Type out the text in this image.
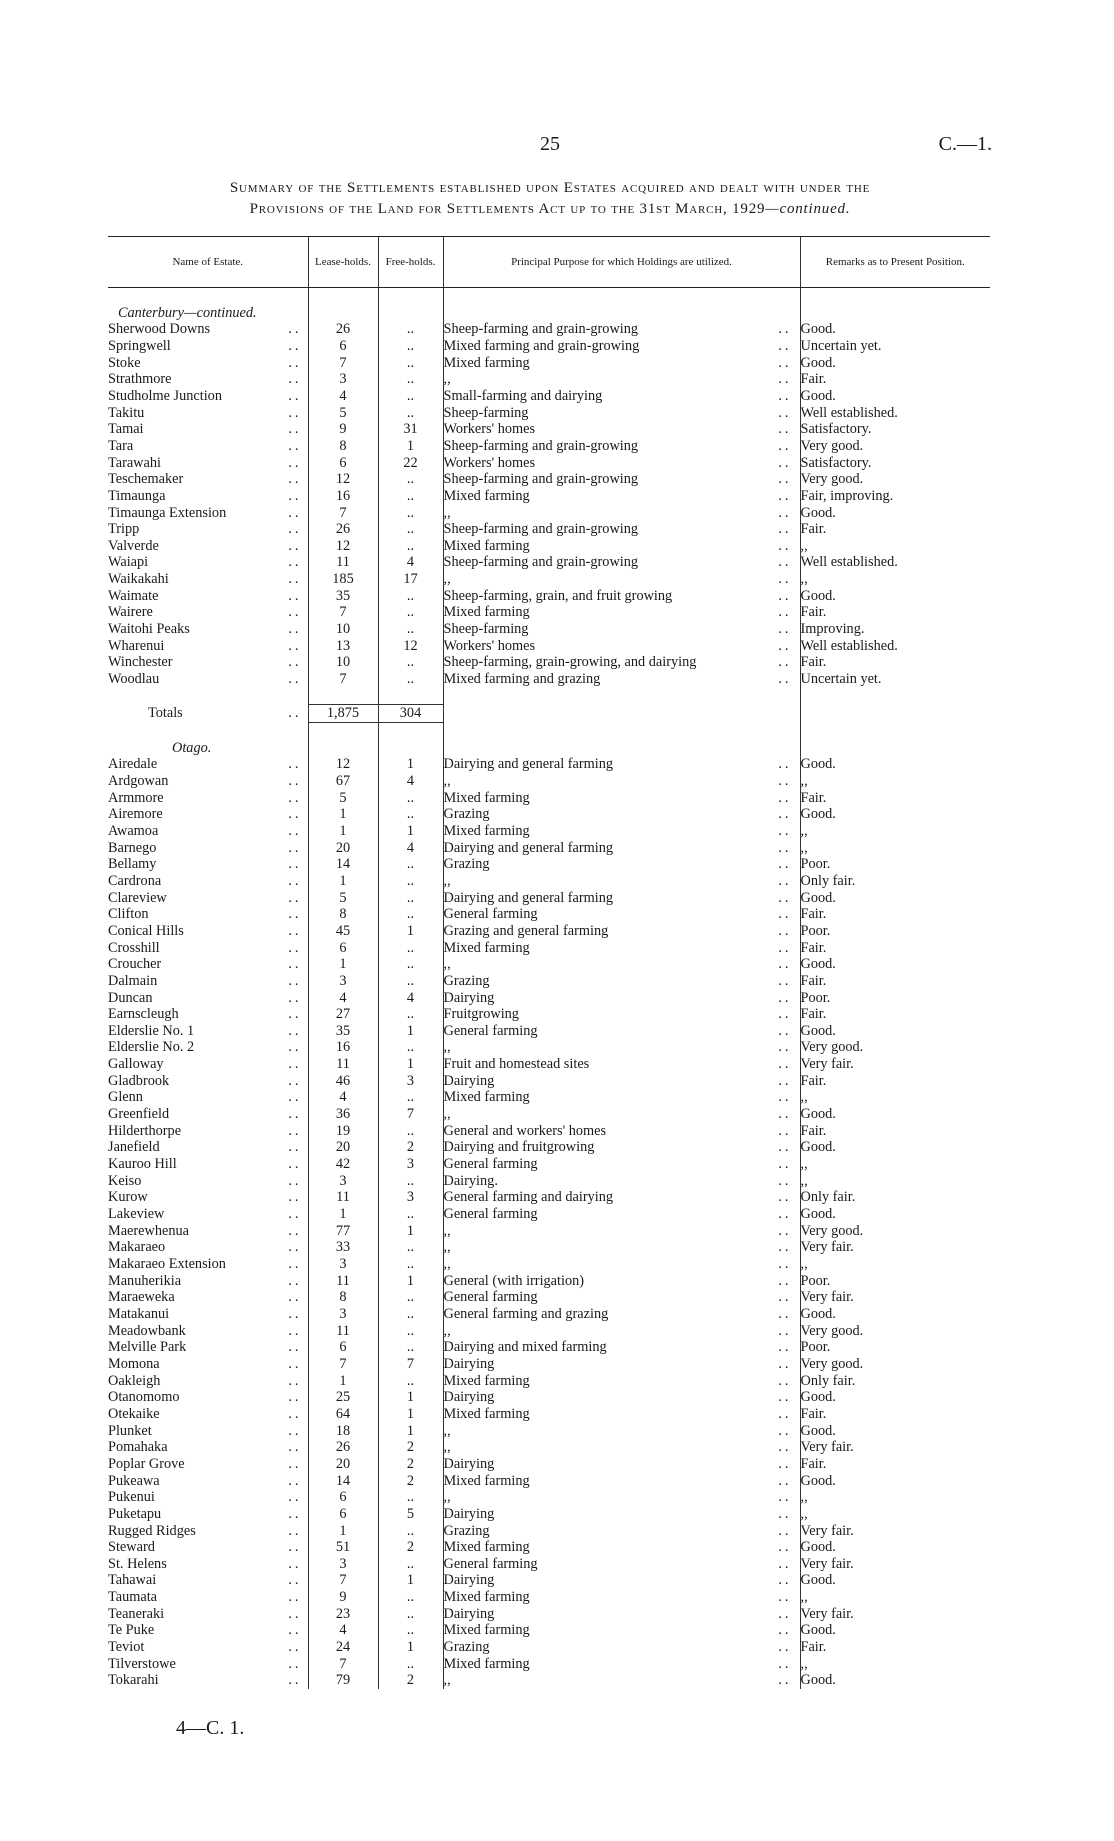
25	C.—1.
Summary of the Settlements established upon Estates acquired and dealt with under the
Provisions of the Land for Settlements Act up to the 31st March, 1929—continued.
Name of Estate.	Lease-holds.	Free-holds.	Principal Purpose for which Holdings are utilized.	Remarks as to Present Position.

Canterbury—continued.				

Sherwood Downs ..	26	..	Sheep-farming and grain-growing ..	Good.

Springwell ..	6	..	Mixed farming and grain-growing ..	Uncertain yet.

Stoke ..	7	..	Mixed farming ..	Good.

Strathmore ..	3	..	,, ..	Fair.

Studholme Junction ..	4	..	Small-farming and dairying ..	Good.

Takitu ..	5	..	Sheep-farming ..	Well established.

Tamai ..	9	31	Workers' homes ..	Satisfactory.

Tara ..	8	1	Sheep-farming and grain-growing ..	Very good.

Tarawahi ..	6	22	Workers' homes ..	Satisfactory.

Teschemaker ..	12	..	Sheep-farming and grain-growing ..	Very good.

Timaunga ..	16	..	Mixed farming ..	Fair, improving.

Timaunga Extension ..	7	..	,, ..	Good.

Tripp ..	26	..	Sheep-farming and grain-growing ..	Fair.

Valverde ..	12	..	Mixed farming ..	,,

Waiapi ..	11	4	Sheep-farming and grain-growing ..	Well established.

Waikakahi ..	185	17	,, ..	,,

Waimate ..	35	..	Sheep-farming, grain, and fruit growing ..	Good.

Wairere ..	7	..	Mixed farming ..	Fair.

Waitohi Peaks ..	10	..	Sheep-farming ..	Improving.

Wharenui ..	13	12	Workers' homes ..	Well established.

Winchester ..	10	..	Sheep-farming, grain-growing, and dairying ..	Fair.

Woodlau ..	7	..	Mixed farming and grazing ..	Uncertain yet.

Totals ..	1,875	304		

Otago.				

Airedale ..	12	1	Dairying and general farming ..	Good.

Ardgowan ..	67	4	,, ..	,,

Armmore ..	5	..	Mixed farming ..	Fair.

Airemore ..	1	..	Grazing ..	Good.

Awamoa ..	1	1	Mixed farming ..	,,

Barnego ..	20	4	Dairying and general farming ..	,,

Bellamy ..	14	..	Grazing ..	Poor.

Cardrona ..	1	..	,, ..	Only fair.

Clareview ..	5	..	Dairying and general farming ..	Good.

Clifton ..	8	..	General farming ..	Fair.

Conical Hills ..	45	1	Grazing and general farming ..	Poor.

Crosshill ..	6	..	Mixed farming ..	Fair.

Croucher ..	1	..	,, ..	Good.

Dalmain ..	3	..	Grazing ..	Fair.

Duncan ..	4	4	Dairying ..	Poor.

Earnscleugh ..	27	..	Fruitgrowing ..	Fair.

Elderslie No. 1 ..	35	1	General farming ..	Good.

Elderslie No. 2 ..	16	..	,, ..	Very good.

Galloway ..	11	1	Fruit and homestead sites ..	Very fair.

Gladbrook ..	46	3	Dairying ..	Fair.

Glenn ..	4	..	Mixed farming ..	,,

Greenfield ..	36	7	,, ..	Good.

Hilderthorpe ..	19	..	General and workers' homes ..	Fair.

Janefield ..	20	2	Dairying and fruitgrowing ..	Good.

Kauroo Hill ..	42	3	General farming ..	,,

Keiso ..	3	..	Dairying. ..	,,

Kurow ..	11	3	General farming and dairying ..	Only fair.

Lakeview ..	1	..	General farming ..	Good.

Maerewhenua ..	77	1	,, ..	Very good.

Makaraeo ..	33	..	,, ..	Very fair.

Makaraeo Extension ..	3	..	,, ..	,,

Manuherikia ..	11	1	General (with irrigation) ..	Poor.

Maraeweka ..	8	..	General farming ..	Very fair.

Matakanui ..	3	..	General farming and grazing ..	Good.

Meadowbank ..	11	..	,, ..	Very good.

Melville Park ..	6	..	Dairying and mixed farming ..	Poor.

Momona ..	7	7	Dairying ..	Very good.

Oakleigh ..	1	..	Mixed farming ..	Only fair.

Otanomomo ..	25	1	Dairying ..	Good.

Otekaike ..	64	1	Mixed farming ..	Fair.

Plunket ..	18	1	,, ..	Good.

Pomahaka ..	26	2	,, ..	Very fair.

Poplar Grove ..	20	2	Dairying ..	Fair.

Pukeawa ..	14	2	Mixed farming ..	Good.

Pukenui ..	6	..	,, ..	,,

Puketapu ..	6	5	Dairying ..	,,

Rugged Ridges ..	1	..	Grazing ..	Very fair.

Steward ..	51	2	Mixed farming ..	Good.

St. Helens ..	3	..	General farming ..	Very fair.

Tahawai ..	7	1	Dairying ..	Good.

Taumata ..	9	..	Mixed farming ..	,,

Teaneraki ..	23	..	Dairying ..	Very fair.

Te Puke ..	4	..	Mixed farming ..	Good.

Teviot ..	24	1	Grazing ..	Fair.

Tilverstowe ..	7	..	Mixed farming ..	,,

Tokarahi ..	79	2	,, ..	Good.
4—C. 1.
